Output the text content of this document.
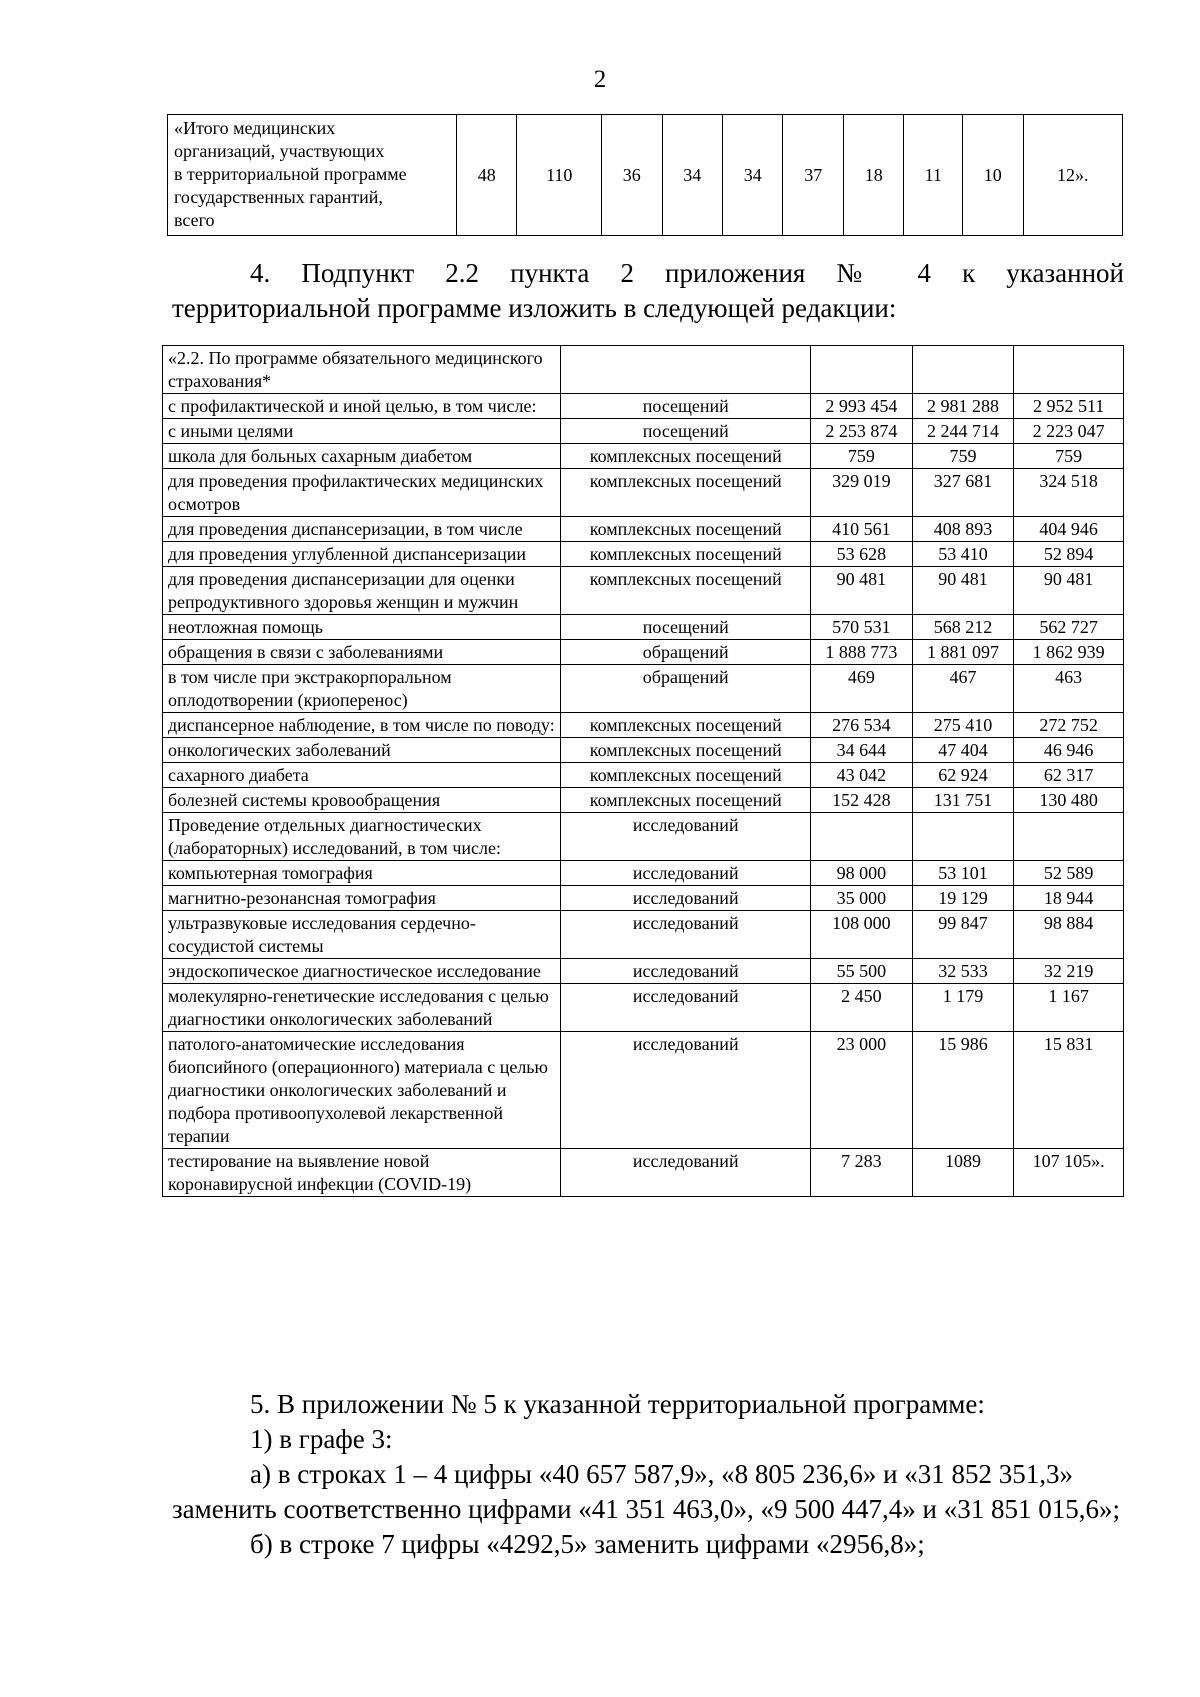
2
«Итого медицинских
организаций, участвующих
в территориальной программе
государственных гарантий,
всего
	48	110	36	34	34	37	18	11	10	12».
4. Подпункт 2.2 пункта 2 приложения № 4 к указанной
территориальной программе изложить в следующей редакции:
«2.2. По программе обязательного медицинского страхования*				
с профилактической и иной целью, в том числе:	посещений	2 993 454	2 981 288	2 952 511
с иными целями	посещений	2 253 874	2 244 714	2 223 047
школа для больных сахарным диабетом	комплексных посещений	759	759	759
для проведения профилактических медицинских осмотров	комплексных посещений	329 019	327 681	324 518
для проведения диспансеризации, в том числе	комплексных посещений	410 561	408 893	404 946
для проведения углубленной диспансеризации	комплексных посещений	53 628	53 410	52 894
для проведения диспансеризации для оценки репродуктивного здоровья женщин и мужчин	комплексных посещений	90 481	90 481	90 481
неотложная помощь	посещений	570 531	568 212	562 727
обращения в связи с заболеваниями	обращений	1 888 773	1 881 097	1 862 939
в том числе при экстракорпоральном оплодотворении (криоперенос)	обращений	469	467	463
диспансерное наблюдение, в том числе по поводу:	комплексных посещений	276 534	275 410	272 752
онкологических заболеваний	комплексных посещений	34 644	47 404	46 946
сахарного диабета	комплексных посещений	43 042	62 924	62 317
болезней системы кровообращения	комплексных посещений	152 428	131 751	130 480
Проведение отдельных диагностических (лабораторных) исследований, в том числе:	исследований			
компьютерная томография	исследований	98 000	53 101	52 589
магнитно-резонансная томография	исследований	35 000	19 129	18 944
ультразвуковые исследования сердечно-сосудистой системы	исследований	108 000	99 847	98 884
эндоскопическое диагностическое исследование	исследований	55 500	32 533	32 219
молекулярно-генетические исследования с целью диагностики онкологических заболеваний	исследований	2 450	1 179	1 167
патолого-анатомические исследования биопсийного (операционного) материала с целью диагностики онкологических заболеваний и подбора противоопухолевой лекарственной терапии	исследований	23 000	15 986	15 831
тестирование на выявление новой коронавирусной инфекции (COVID-19)	исследований	7 283	1089	107 105».
5. В приложении № 5 к указанной территориальной программе:
1) в графе 3:
а) в строках 1 – 4 цифры «40 657 587,9», «8 805 236,6» и «31 852 351,3»
заменить соответственно цифрами «41 351 463,0», «9 500 447,4» и «31 851 015,6»;
б) в строке 7 цифры «4292,5» заменить цифрами «2956,8»;
